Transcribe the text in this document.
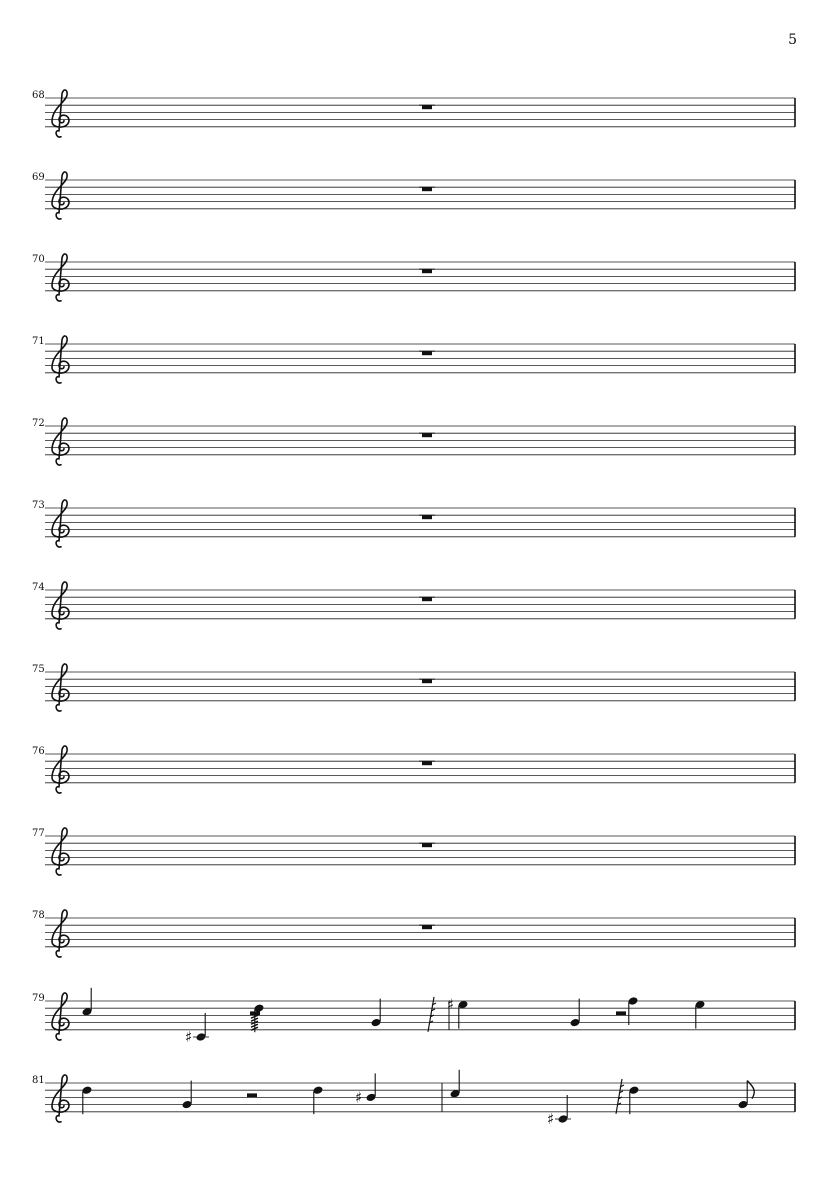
5
68
69
70
71
72
73
74
75
76
77
78
79
81
♯
♯
♯
♯
